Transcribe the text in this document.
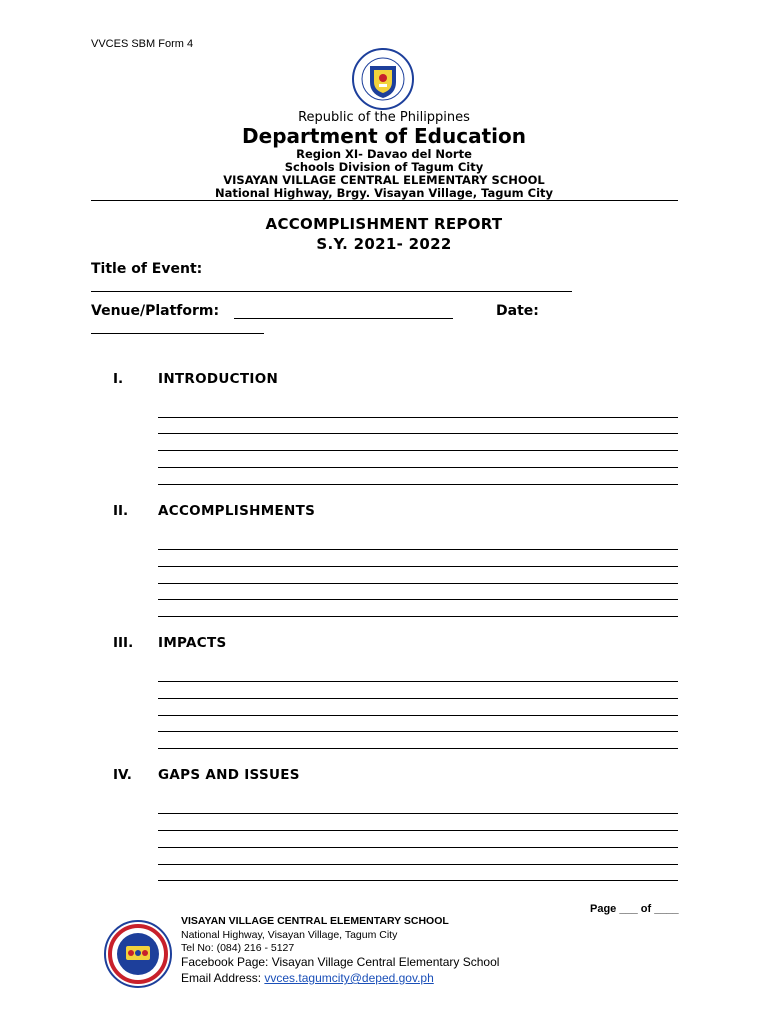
VVCES SBM Form 4
Republic of the Philippines
Department of Education
Region XI- Davao del Norte
Schools Division of Tagum City
VISAYAN VILLAGE CENTRAL ELEMENTARY SCHOOL
National Highway, Brgy. Visayan Village, Tagum City
ACCOMPLISHMENT REPORT
S.Y. 2021- 2022
Title of Event:
Venue/Platform:	Date:
I.	INTRODUCTION
II. ACCOMPLISHMENTS
III. IMPACTS
IV. GAPS AND ISSUES
Page ___ of ____
VISAYAN VILLAGE CENTRAL ELEMENTARY SCHOOL
National Highway, Visayan Village, Tagum City
Tel No: (084) 216 - 5127
Facebook Page: Visayan Village Central Elementary School
Email Address: vvces.tagumcity@deped.gov.ph
